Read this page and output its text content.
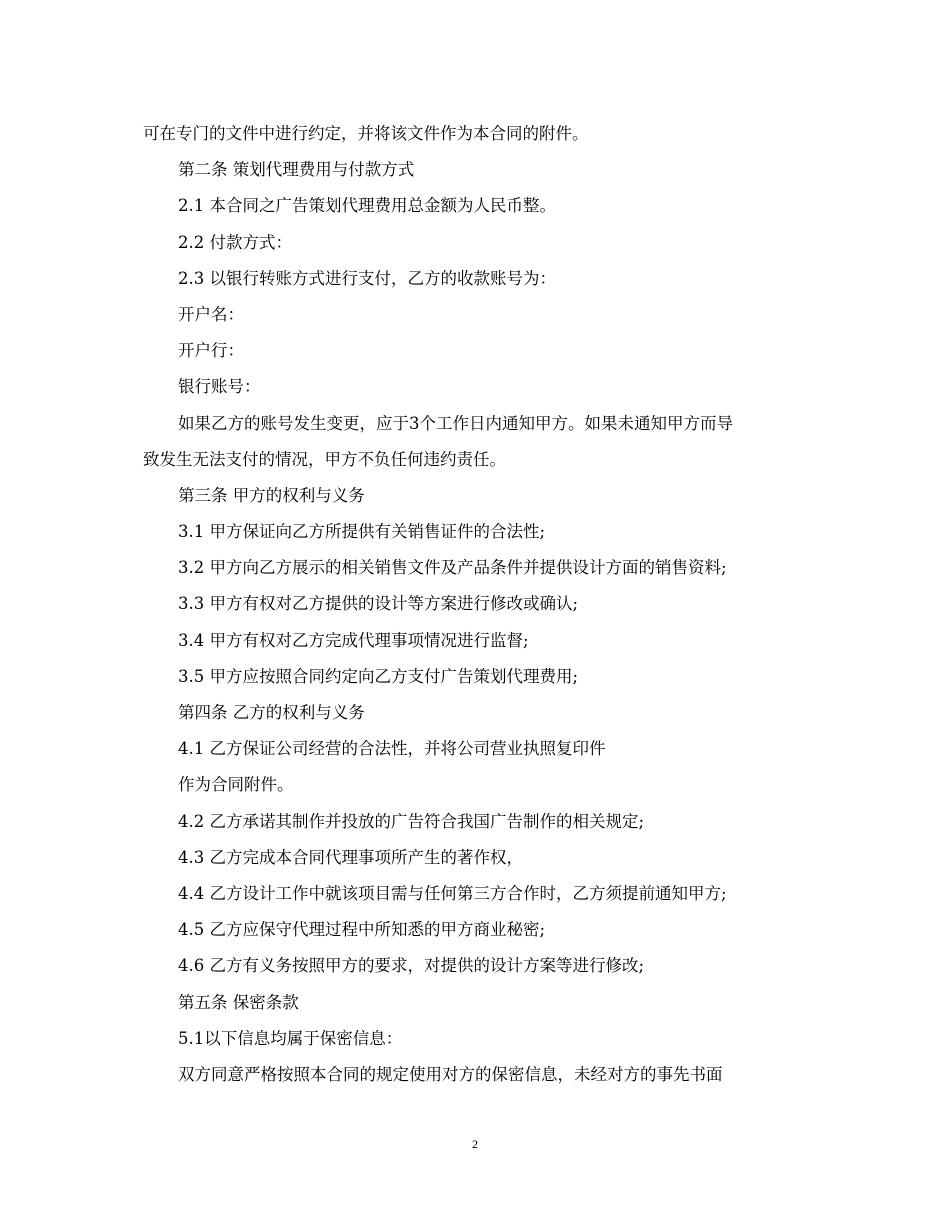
可在专门的文件中进行约定，并将该文件作为本合同的附件。
第二条 策划代理费用与付款方式
2.1 本合同之广告策划代理费用总金额为人民币整。
2.2 付款方式：
2.3 以银行转账方式进行支付，乙方的收款账号为：
开户名：
开户行：
银行账号：
如果乙方的账号发生变更，应于3个工作日内通知甲方。如果未通知甲方而导
致发生无法支付的情况，甲方不负任何违约责任。
第三条 甲方的权利与义务
3.1 甲方保证向乙方所提供有关销售证件的合法性;
3.2 甲方向乙方展示的相关销售文件及产品条件并提供设计方面的销售资料;
3.3 甲方有权对乙方提供的设计等方案进行修改或确认;
3.4 甲方有权对乙方完成代理事项情况进行监督;
3.5 甲方应按照合同约定向乙方支付广告策划代理费用;
第四条 乙方的权利与义务
4.1 乙方保证公司经营的合法性，并将公司营业执照复印件
作为合同附件。
4.2 乙方承诺其制作并投放的广告符合我国广告制作的相关规定;
4.3 乙方完成本合同代理事项所产生的著作权，
4.4 乙方设计工作中就该项目需与任何第三方合作时，乙方须提前通知甲方;
4.5 乙方应保守代理过程中所知悉的甲方商业秘密;
4.6 乙方有义务按照甲方的要求，对提供的设计方案等进行修改;
第五条 保密条款
5.1以下信息均属于保密信息：
双方同意严格按照本合同的规定使用对方的保密信息，未经对方的事先书面
2
